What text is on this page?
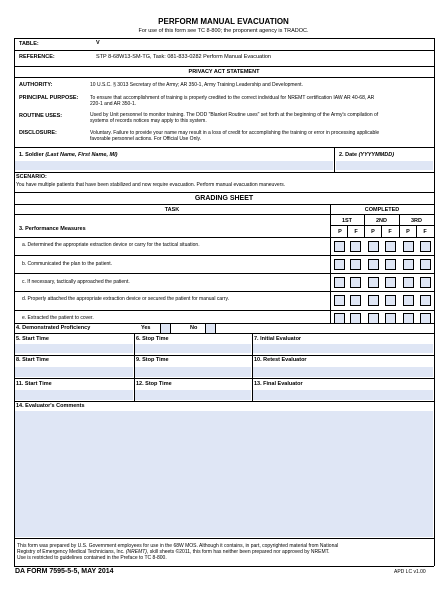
PERFORM MANUAL EVACUATION
For use of this form see TC 8-800; the proponent agency is TRADOC.
TABLE:	V
REFERENCE:	STP 8-68W13-SM-TG, Task: 081-833-0282 Perform Manual Evacuation
PRIVACY ACT STATEMENT
AUTHORITY:	10 U.S.C. § 3013 Secretary of the Army; AR 350-1, Army Training Leadership and Development.
PRINCIPAL PURPOSE: To ensure that accomplishment of training is properly credited to the correct individual for NREMT certification IAW AR 40-68, AR 220-1 and AR 350-1.
ROUTINE USES:	Used by Unit personnel to monitor training. The DOD "Blanket Routine uses" set forth at the beginning of the Army's compilation of systems of records notices may apply to this system.
DISCLOSURE:	Voluntary. Failure to provide your name may result in a loss of credit for accomplishing the training or error in processing applicable favorable personnel actions. For Official Use Only.
1. Soldier (Last Name, First Name, MI)	2. Date (YYYYMMDD)
SCENARIO:
You have multiple patients that have been stabilized and now require evacuation. Perform manual evacuation maneuvers.
GRADING SHEET
TASK	COMPLETED
1ST	2ND	3RD
P	F	P	F	P	F
3. Performance Measures
a. Determined the appropriate extraction device or carry for the tactical situation.
b. Communicated the plan to the patient.
c. If necessary, tactically approached the patient.
d. Properly attached the appropriate extraction device or secured the patient for manual carry.
e. Extracted the patient to cover.
4. Demonstrated Proficiency	Yes	No
5. Start Time	6. Stop Time	7. Initial Evaluator
8. Start Time	9. Stop Time	10. Retest Evaluator
11. Start Time	12. Stop Time	13. Final Evaluator
14. Evaluator's Comments
This form was prepared by U.S. Government employees for use in the 68W MOS. Although it contains, in part, copyrighted material from National
Registry of Emergency Medical Technicians, Inc. (NREMT), skill sheets ©2011, this form has neither been prepared nor approved by NREMT.
Use is restricted to guidelines contained in the Preface to TC 8-800.
DA FORM 7595-5-5, MAY 2014	APD LC v1.00
